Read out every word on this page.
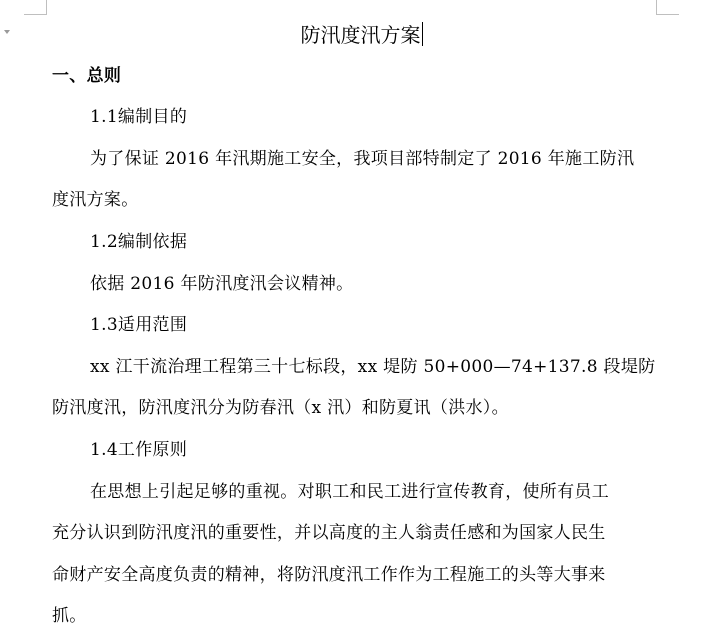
防汛度汛方案
一、总则
1.1编制目的
为了保证 2016 年汛期施工安全，我项目部特制定了 2016 年施工防汛
度汛方案。
1.2编制依据
依据 2016 年防汛度汛会议精神。
1.3适用范围
xx 江干流治理工程第三十七标段，xx 堤防 50+000—74+137.8 段堤防
防汛度汛，防汛度汛分为防春汛（x 汛）和防夏讯（洪水）。
1.4工作原则
在思想上引起足够的重视。对职工和民工进行宣传教育，使所有员工
充分认识到防汛度汛的重要性，并以高度的主人翁责任感和为国家人民生
命财产安全高度负责的精神，将防汛度汛工作作为工程施工的头等大事来
抓。
